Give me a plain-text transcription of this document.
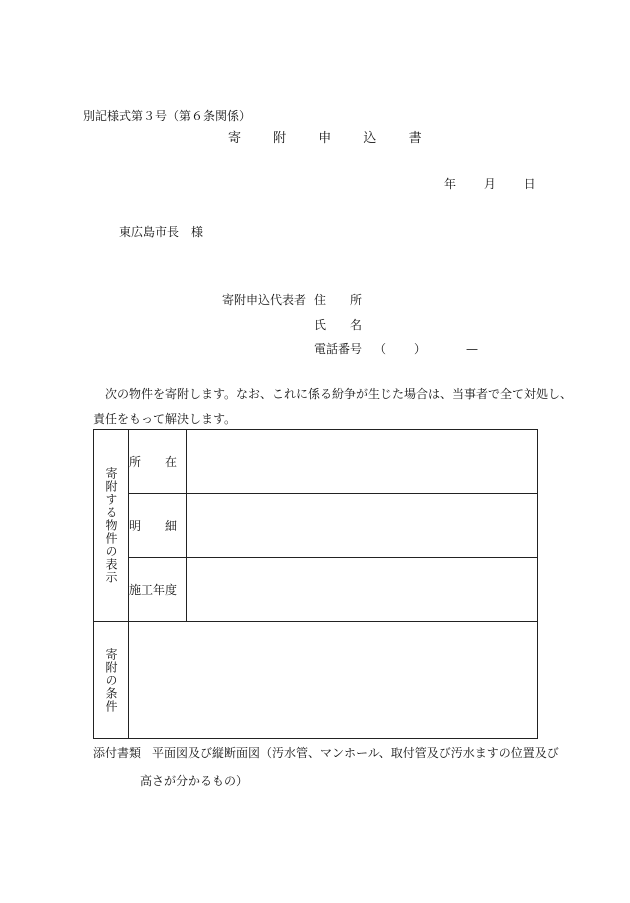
別記様式第３号（第６条関係）
寄 附 申 込 書
年 月 日
東広島市長　様
寄附申込代表者 住　　所
氏　　名
電話番号 （ ）	—
次の物件を寄附します。なお、これに係る紛争が生じた場合は、当事者で全て対処し、
責任をもって解決します。
寄附する物件の表示	所　　在	
	明　　細	
	施工年度	

寄附の条件		

添付書類 平面図及び縦断面図（汚水管、マンホール、取付管及び汚水ますの位置及び
高さが分かるもの）
